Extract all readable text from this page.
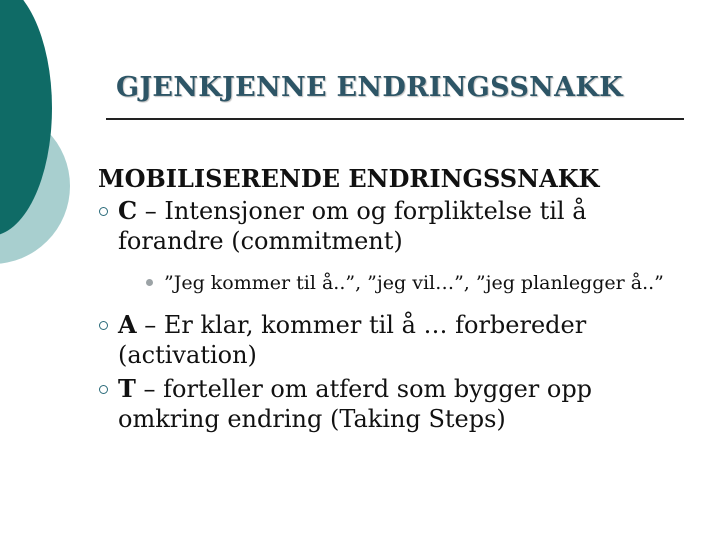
GJENKJENNE ENDRINGSSNAKK
MOBILISERENDE ENDRINGSSNAKK
C – Intensjoner om og forpliktelse til å forandre (commitment)
”Jeg kommer til å..”, ”jeg vil…”, ”jeg planlegger å..”
A – Er klar, kommer til å … forbereder (activation)
T – forteller om atferd som bygger opp omkring endring (Taking Steps)
